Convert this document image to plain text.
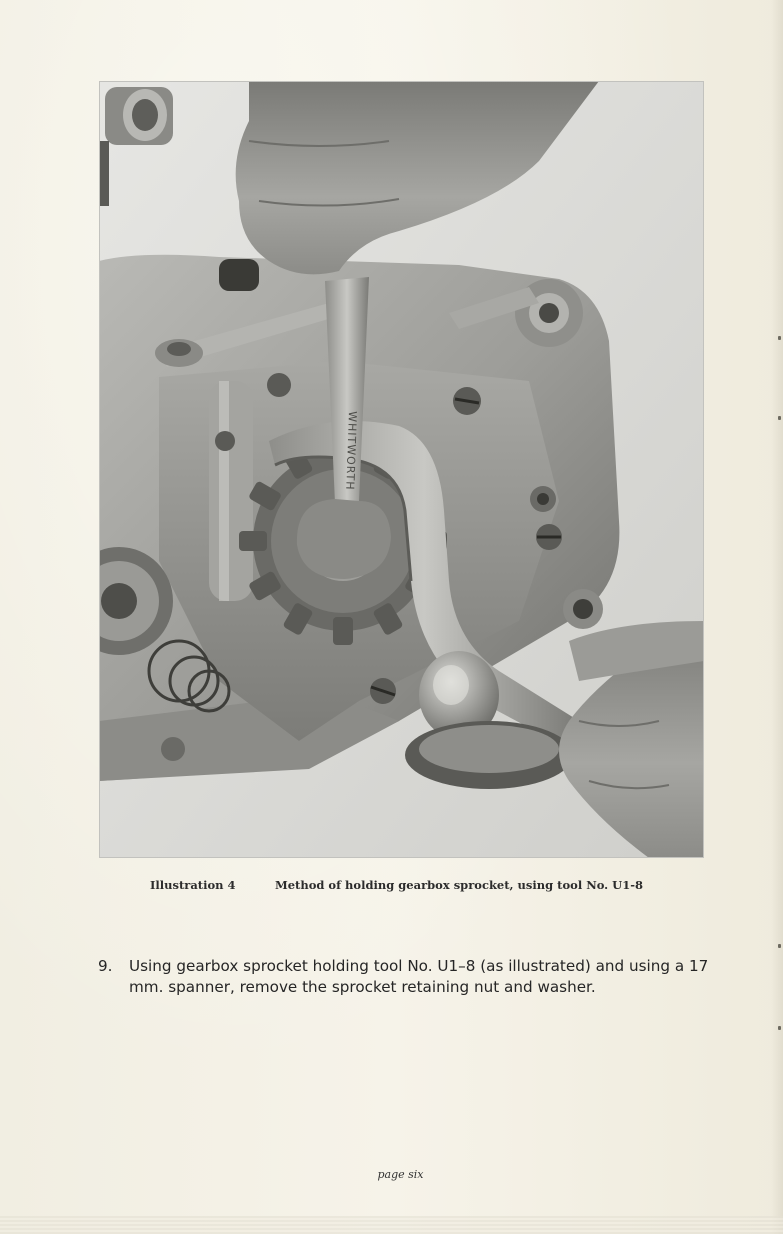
WHITWORTH
Illustration 4	Method of holding gearbox sprocket, using tool No. U1-8
9. Using gearbox sprocket holding tool No. U1–8 (as illustrated) and using a 17 mm. spanner, remove the sprocket retaining nut and washer.
page six
